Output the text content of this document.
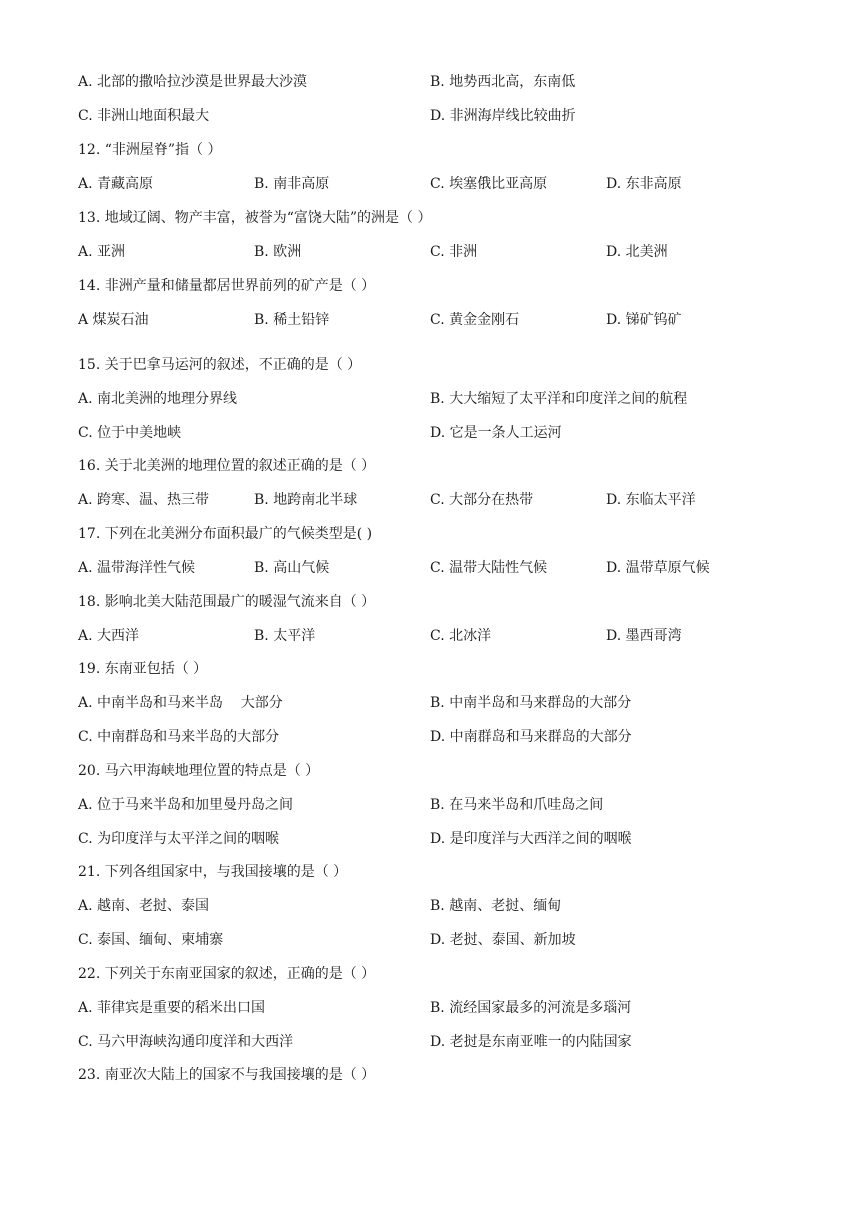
A. 北部的撒哈拉沙漠是世界最大沙漠	B. 地势西北高，东南低
C. 非洲山地面积最大	D. 非洲海岸线比较曲折
12. “非洲屋脊”指（ ）
A. 青藏高原	B. 南非高原	C. 埃塞俄比亚高原	D. 东非高原
13. 地域辽阔、物产丰富，被誉为“富饶大陆”的洲是（ ）
A. 亚洲	B. 欧洲	C. 非洲	D. 北美洲
14. 非洲产量和储量都居世界前列的矿产是（ ）
A 煤炭石油	B. 稀土铅锌	C. 黄金金刚石	D. 锑矿钨矿
15. 关于巴拿马运河的叙述，不正确的是（ ）
A. 南北美洲的地理分界线	B. 大大缩短了太平洋和印度洋之间的航程
C. 位于中美地峡	D. 它是一条人工运河
16. 关于北美洲的地理位置的叙述正确的是（ ）
A. 跨寒、温、热三带	B. 地跨南北半球	C. 大部分在热带	D. 东临太平洋
17. 下列在北美洲分布面积最广的气候类型是( )
A. 温带海洋性气候	B. 高山气候	C. 温带大陆性气候	D. 温带草原气候
18. 影响北美大陆范围最广的暖湿气流来自（ ）
A. 大西洋	B. 太平洋	C. 北冰洋	D. 墨西哥湾
19. 东南亚包括（ ）
A. 中南半岛和马来半岛    大部分	B. 中南半岛和马来群岛的大部分
C. 中南群岛和马来半岛的大部分	D. 中南群岛和马来群岛的大部分
20. 马六甲海峡地理位置的特点是（ ）
A. 位于马来半岛和加里曼丹岛之间	B. 在马来半岛和爪哇岛之间
C. 为印度洋与太平洋之间的咽喉	D. 是印度洋与大西洋之间的咽喉
21. 下列各组国家中，与我国接壤的是（ ）
A. 越南、老挝、泰国	B. 越南、老挝、缅甸
C. 泰国、缅甸、柬埔寨	D. 老挝、泰国、新加坡
22. 下列关于东南亚国家的叙述，正确的是（ ）
A. 菲律宾是重要的稻米出口国	B. 流经国家最多的河流是多瑙河
C. 马六甲海峡沟通印度洋和大西洋	D. 老挝是东南亚唯一的内陆国家
23. 南亚次大陆上的国家不与我国接壤的是（ ）
